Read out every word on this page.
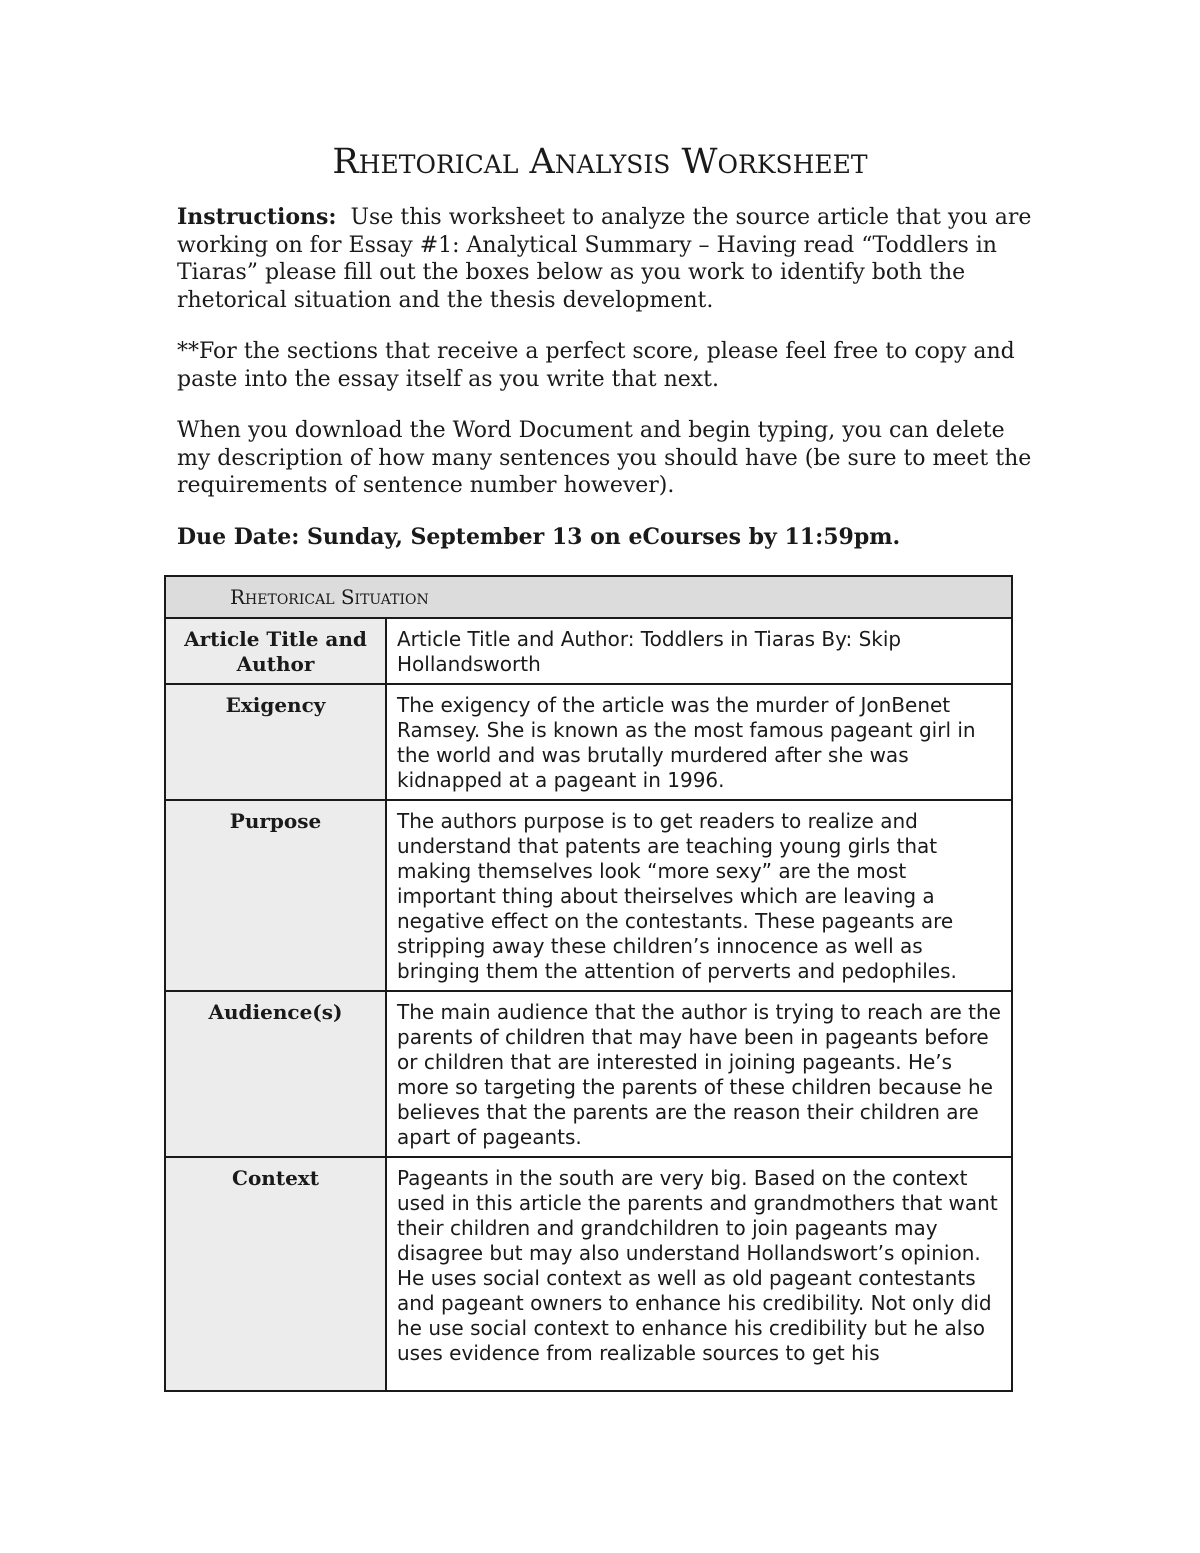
Rhetorical Analysis Worksheet

Instructions: Use this worksheet to analyze the source article that you are working on for Essay #1: Analytical Summary – Having read “Toddlers in Tiaras” please fill out the boxes below as you work to identify both the rhetorical situation and the thesis development.

**For the sections that receive a perfect score, please feel free to copy and paste into the essay itself as you write that next.

When you download the Word Document and begin typing, you can delete my description of how many sentences you should have (be sure to meet the requirements of sentence number however).

Due Date: Sunday, September 13 on eCourses by 11:59pm.

Rhetorical Situation	
Article Title and Author	Article Title and Author: Toddlers in Tiaras By: Skip Hollandsworth
Exigency	The exigency of the article was the murder of JonBenet Ramsey. She is known as the most famous pageant girl in the world and was brutally murdered after she was kidnapped at a pageant in 1996.
Purpose	The authors purpose is to get readers to realize and understand that patents are teaching young girls that making themselves look “more sexy” are the most important thing about theirselves which are leaving a negative effect on the contestants. These pageants are stripping away these children’s innocence as well as bringing them the attention of perverts and pedophiles.
Audience(s)	The main audience that the author is trying to reach are the parents of children that may have been in pageants before or children that are interested in joining pageants. He’s more so targeting the parents of these children because he believes that the parents are the reason their children are apart of pageants.
Context	Pageants in the south are very big. Based on the context used in this article the parents and grandmothers that want their children and grandchildren to join pageants may disagree but may also understand Hollandswort’s opinion. He uses social context as well as old pageant contestants and pageant owners to enhance his credibility. Not only did he use social context to enhance his credibility but he also uses evidence from realizable sources to get his
